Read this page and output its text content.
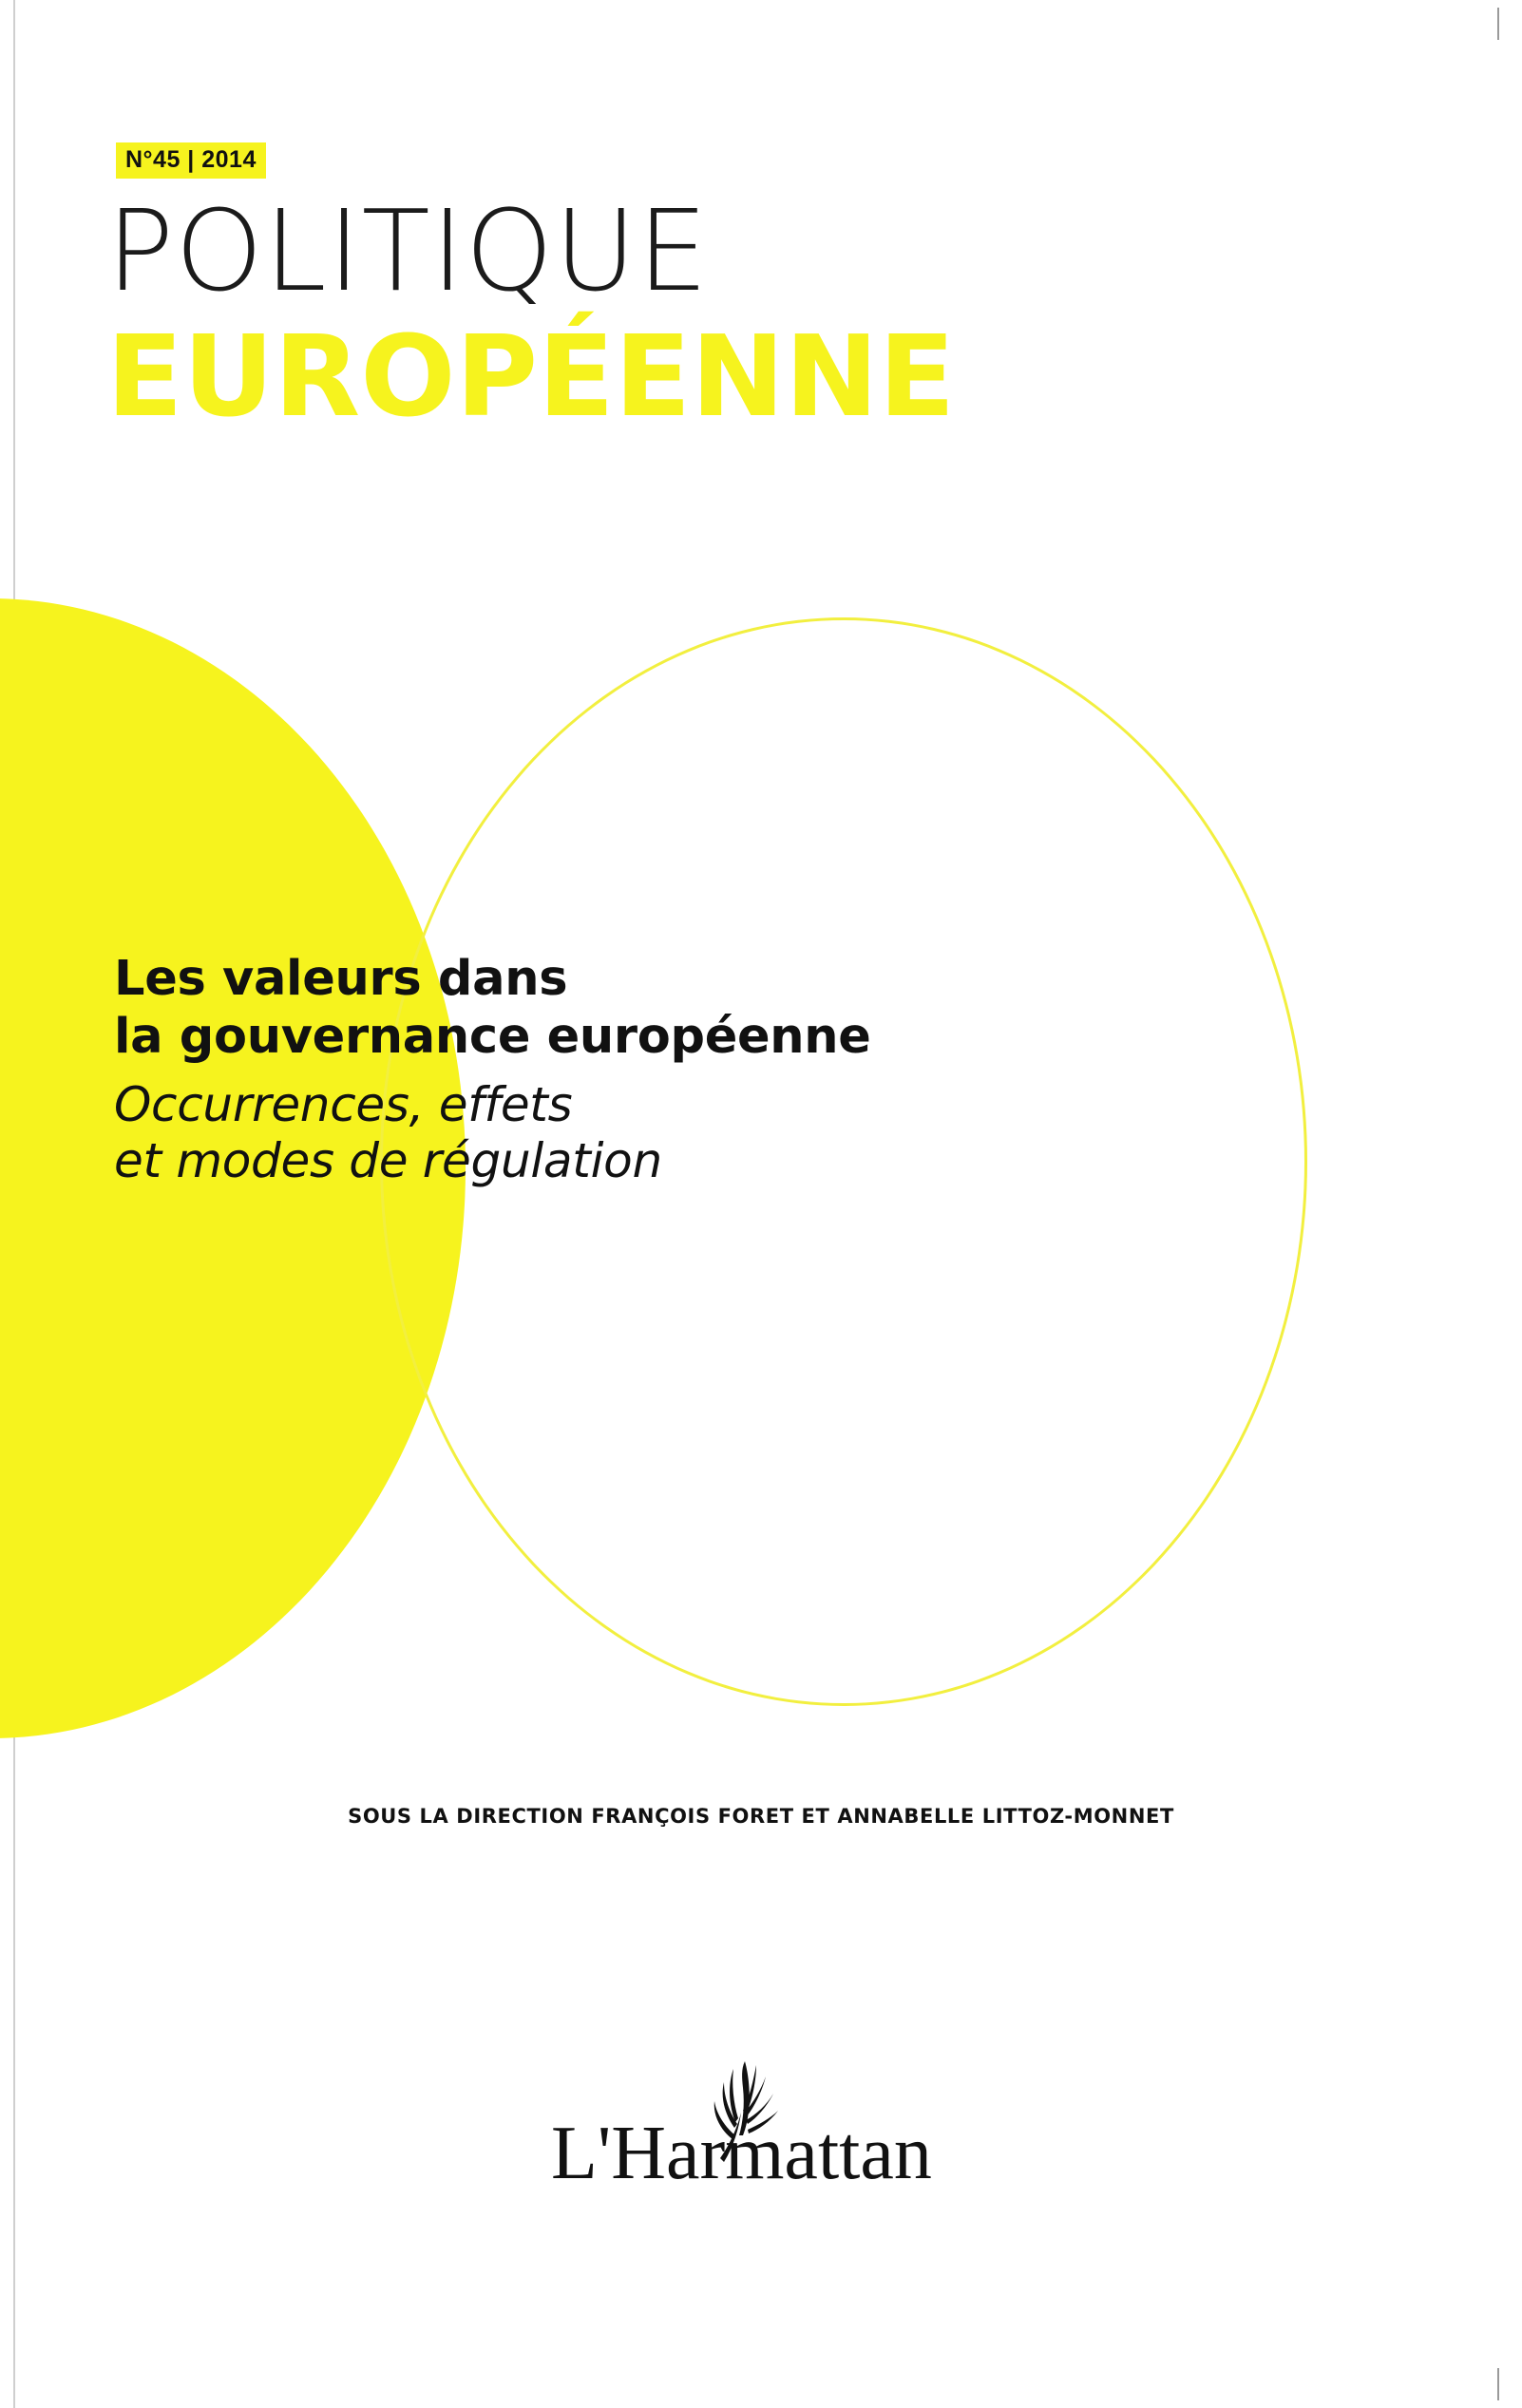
N°45 | 2014
POLITIQUE
EUROPÉENNE
Les valeurs dans
la gouvernance européenne
Occurrences, effets
et modes de régulation
SOUS LA DIRECTION FRANÇOIS FORET ET ANNABELLE LITTOZ-MONNET
L'Harmattan
